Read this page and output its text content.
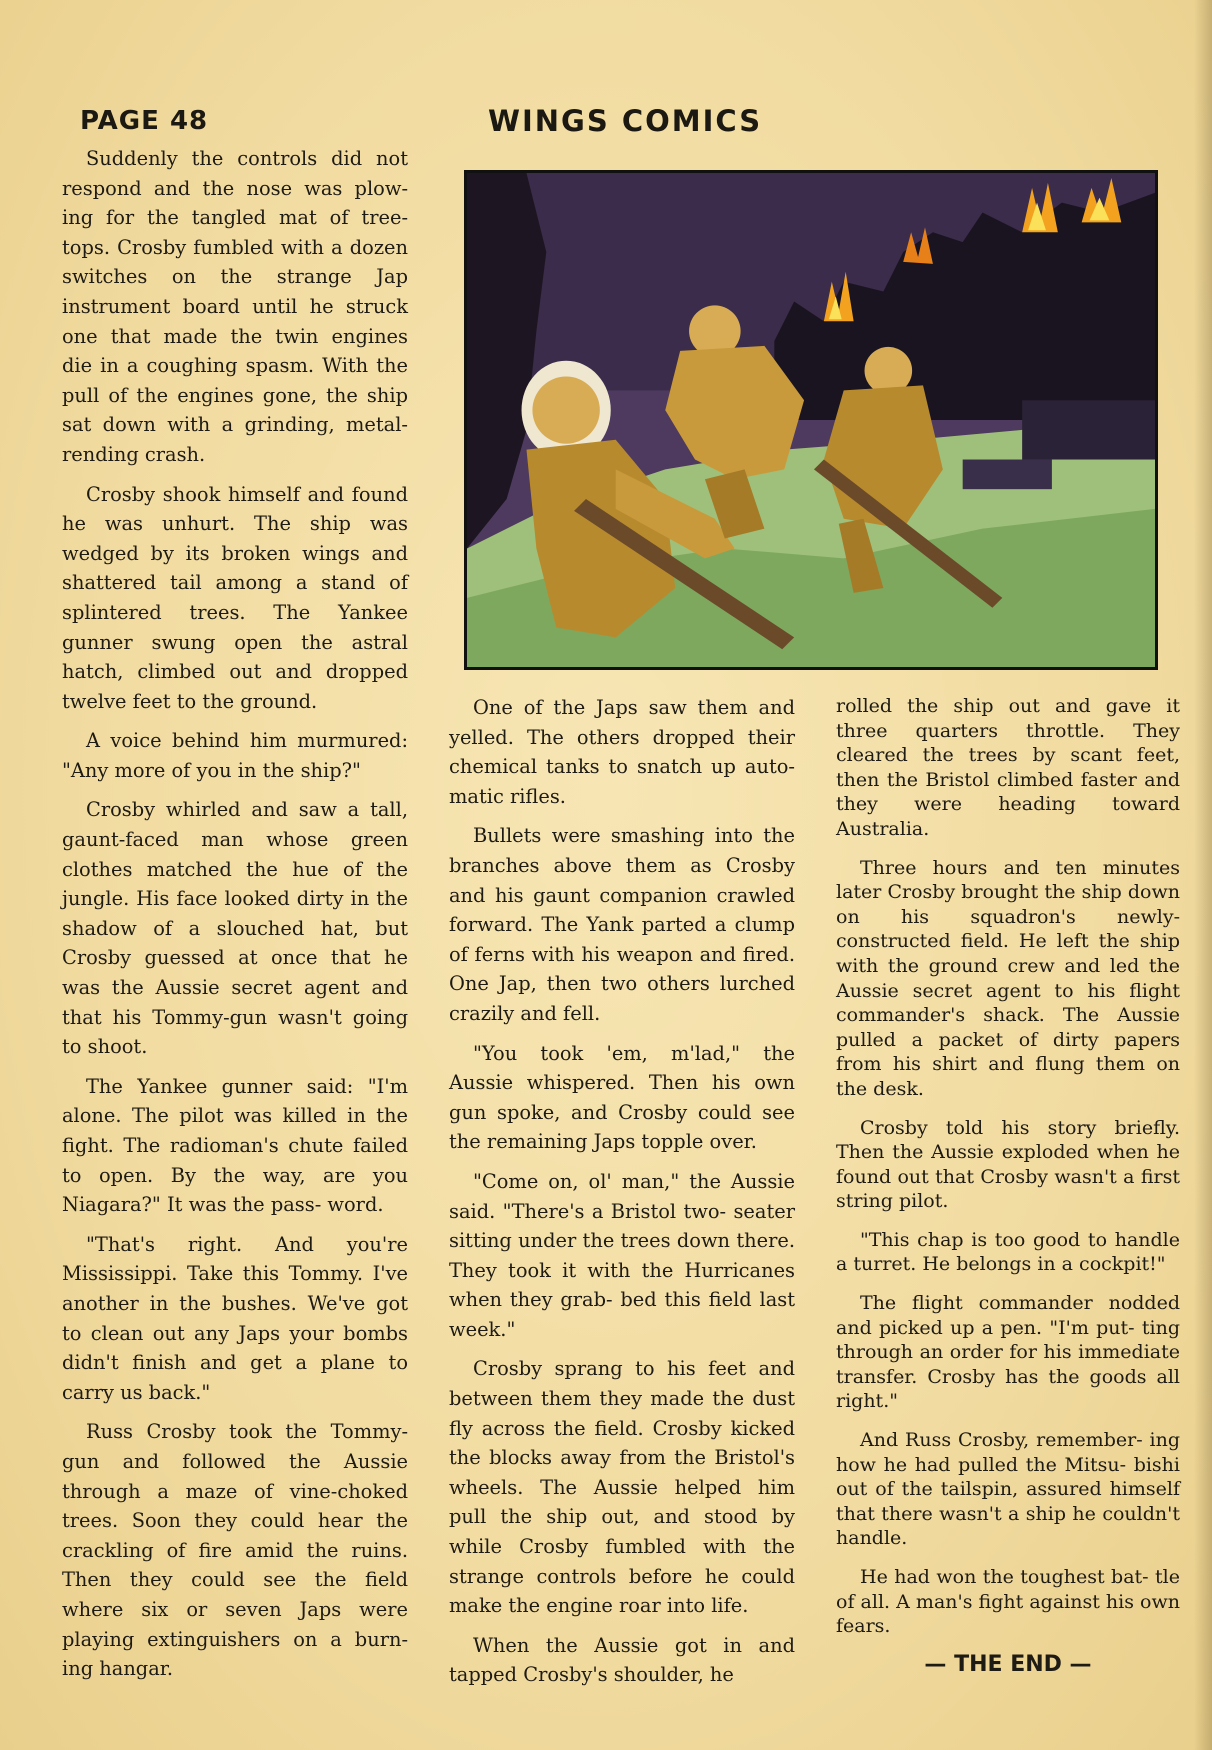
PAGE 48	WINGS COMICS

Suddenly the controls did not respond and the nose was plow- ing for the tangled mat of tree- tops. Crosby fumbled with a dozen switches on the strange Jap instrument board until he struck one that made the twin engines die in a coughing spasm. With the pull of the engines gone, the ship sat down with a grinding, metal-rending crash.

Crosby shook himself and found he was unhurt. The ship was wedged by its broken wings and shattered tail among a stand of splintered trees. The Yankee gunner swung open the astral hatch, climbed out and dropped twelve feet to the ground.

A voice behind him murmured: "Any more of you in the ship?"

Crosby whirled and saw a tall, gaunt-faced man whose green clothes matched the hue of the jungle. His face looked dirty in the shadow of a slouched hat, but Crosby guessed at once that he was the Aussie secret agent and that his Tommy-gun wasn't going to shoot.

The Yankee gunner said: "I'm alone. The pilot was killed in the fight. The radioman's chute failed to open. By the way, are you Niagara?" It was the pass- word.

"That's right. And you're Mississippi. Take this Tommy. I've another in the bushes. We've got to clean out any Japs your bombs didn't finish and get a plane to carry us back."

Russ Crosby took the Tommy- gun and followed the Aussie through a maze of vine-choked trees. Soon they could hear the crackling of fire amid the ruins. Then they could see the field where six or seven Japs were playing extinguishers on a burn- ing hangar.

One of the Japs saw them and yelled. The others dropped their chemical tanks to snatch up auto- matic rifles.

Bullets were smashing into the branches above them as Crosby and his gaunt companion crawled forward. The Yank parted a clump of ferns with his weapon and fired. One Jap, then two others lurched crazily and fell.

"You took 'em, m'lad," the Aussie whispered. Then his own gun spoke, and Crosby could see the remaining Japs topple over.

"Come on, ol' man," the Aussie said. "There's a Bristol two- seater sitting under the trees down there. They took it with the Hurricanes when they grab- bed this field last week."

Crosby sprang to his feet and between them they made the dust fly across the field. Crosby kicked the blocks away from the Bristol's wheels. The Aussie helped him pull the ship out, and stood by while Crosby fumbled with the strange controls before he could make the engine roar into life.

When the Aussie got in and tapped Crosby's shoulder, he

rolled the ship out and gave it three quarters throttle. They cleared the trees by scant feet, then the Bristol climbed faster and they were heading toward Australia.

Three hours and ten minutes later Crosby brought the ship down on his squadron's newly- constructed field. He left the ship with the ground crew and led the Aussie secret agent to his flight commander's shack. The Aussie pulled a packet of dirty papers from his shirt and flung them on the desk.

Crosby told his story briefly. Then the Aussie exploded when he found out that Crosby wasn't a first string pilot.

"This chap is too good to handle a turret. He belongs in a cockpit!"

The flight commander nodded and picked up a pen. "I'm put- ting through an order for his immediate transfer. Crosby has the goods all right."

And Russ Crosby, remember- ing how he had pulled the Mitsu- bishi out of the tailspin, assured himself that there wasn't a ship he couldn't handle.

He had won the toughest bat- tle of all. A man's fight against his own fears.

— THE END —
